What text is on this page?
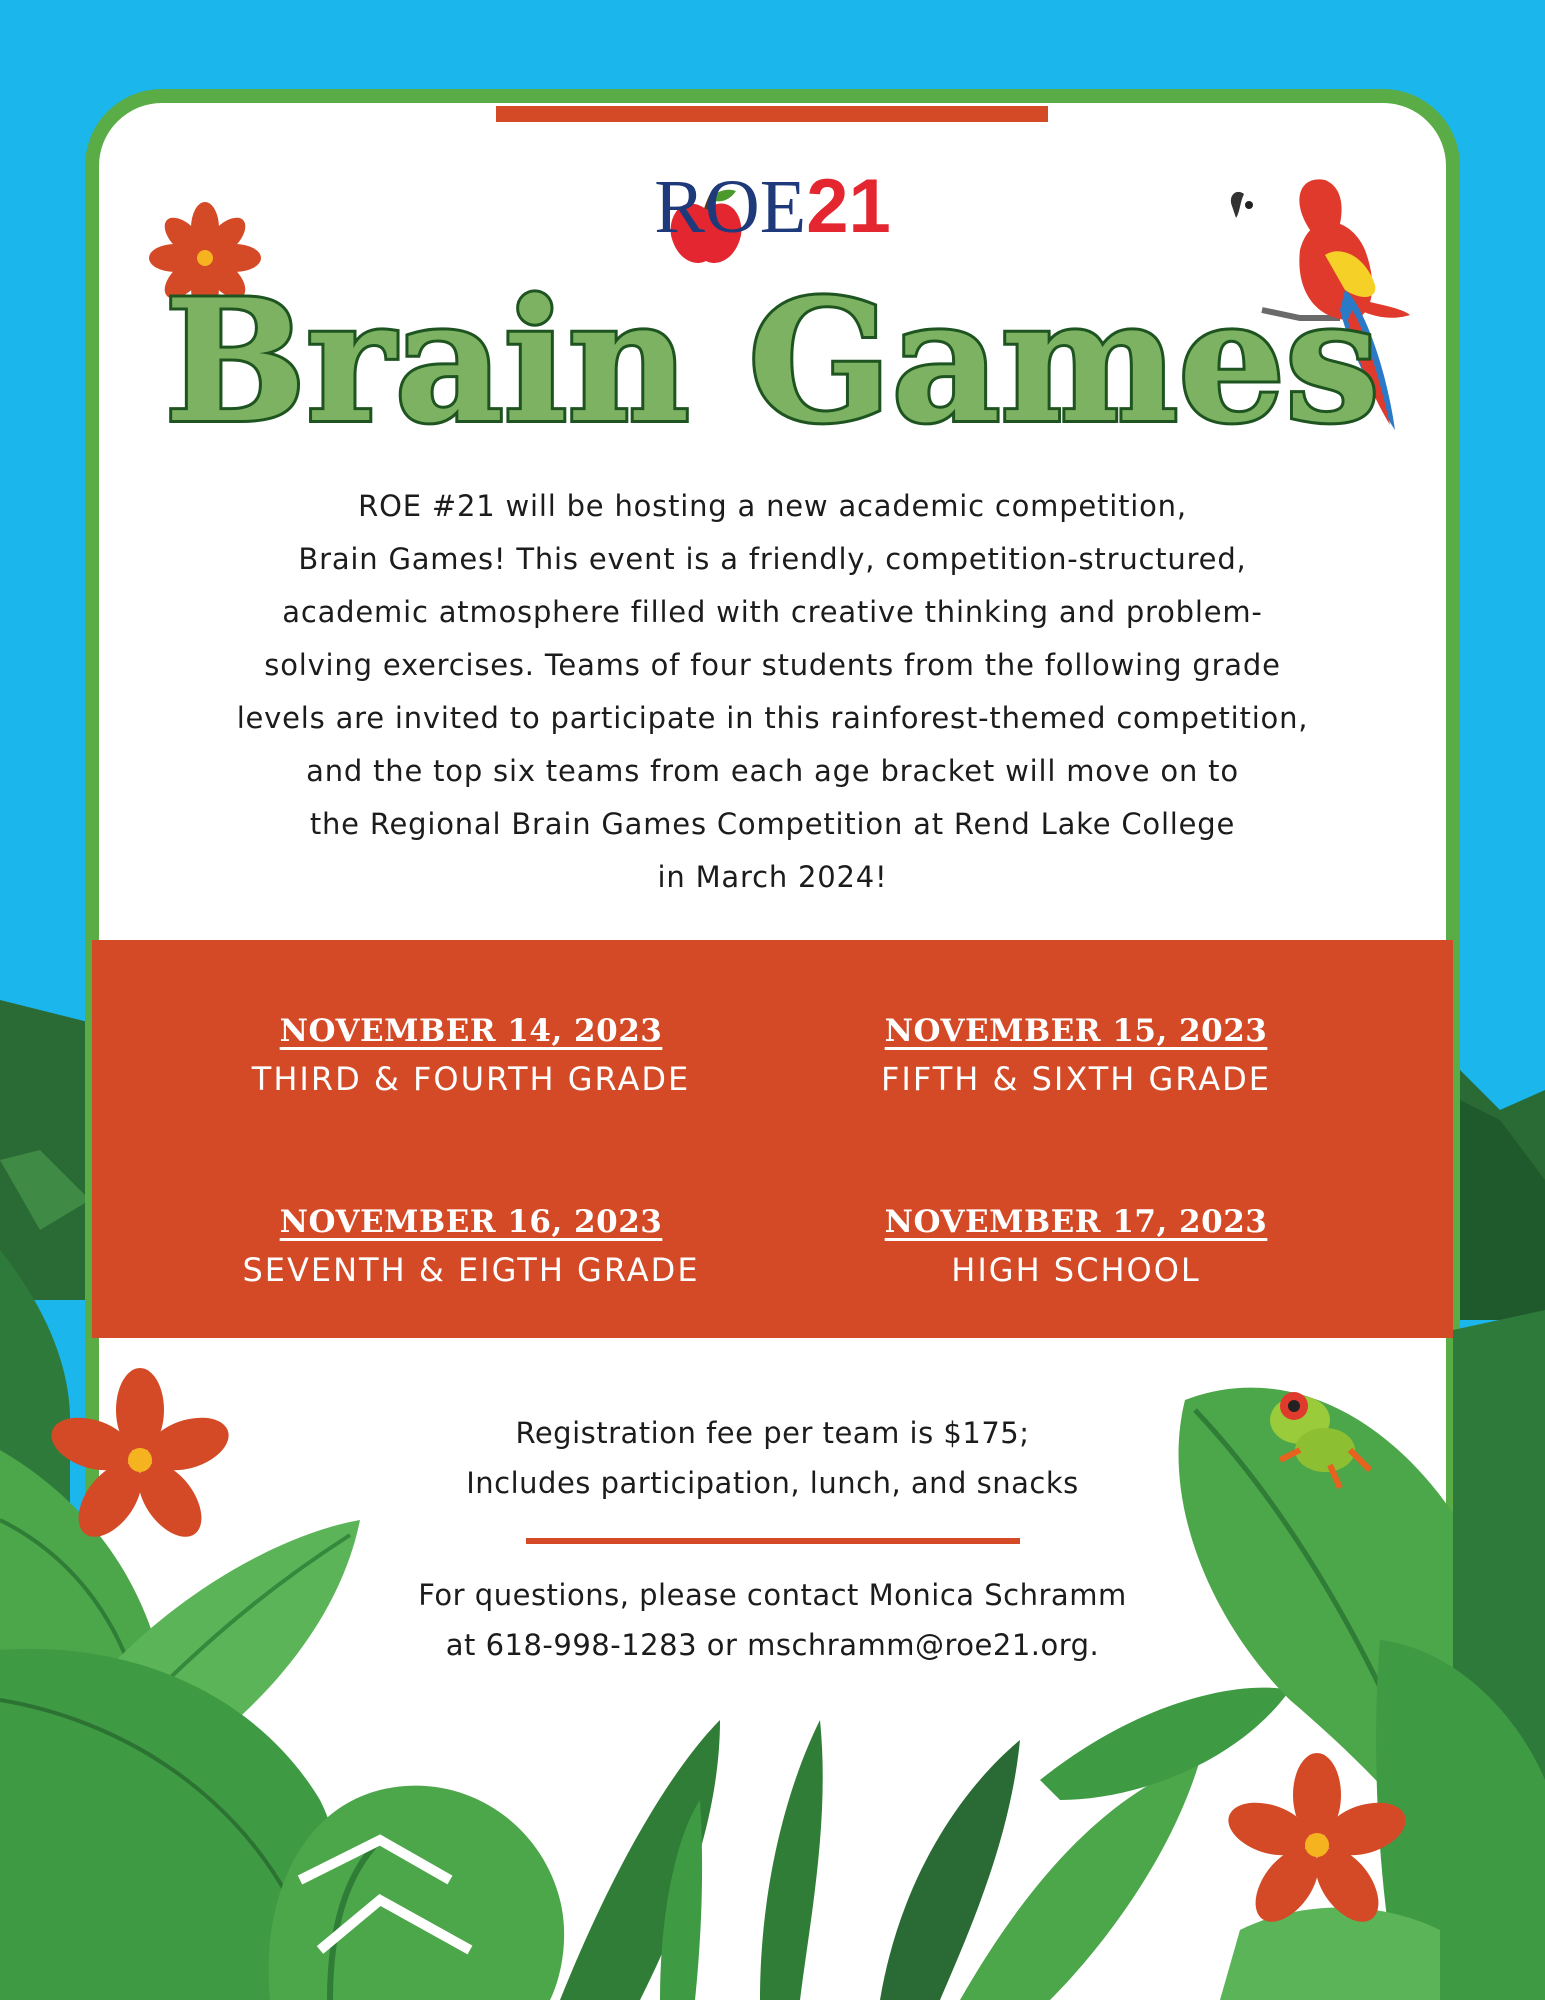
ROE21
Brain Games
ROE #21 will be hosting a new academic competition,
Brain Games! This event is a friendly, competition-structured,
academic atmosphere filled with creative thinking and problem-
solving exercises. Teams of four students from the following grade
levels are invited to participate in this rainforest-themed competition,
and the top six teams from each age bracket will move on to
the Regional Brain Games Competition at Rend Lake College
in March 2024!
NOVEMBER 14, 2023
THIRD & FOURTH GRADE
NOVEMBER 15, 2023
FIFTH & SIXTH GRADE
NOVEMBER 16, 2023
SEVENTH & EIGTH GRADE
NOVEMBER 17, 2023
HIGH SCHOOL
Registration fee per team is $175;
Includes participation, lunch, and snacks
For questions, please contact Monica Schramm
at 618-998-1283 or mschramm@roe21.org.
